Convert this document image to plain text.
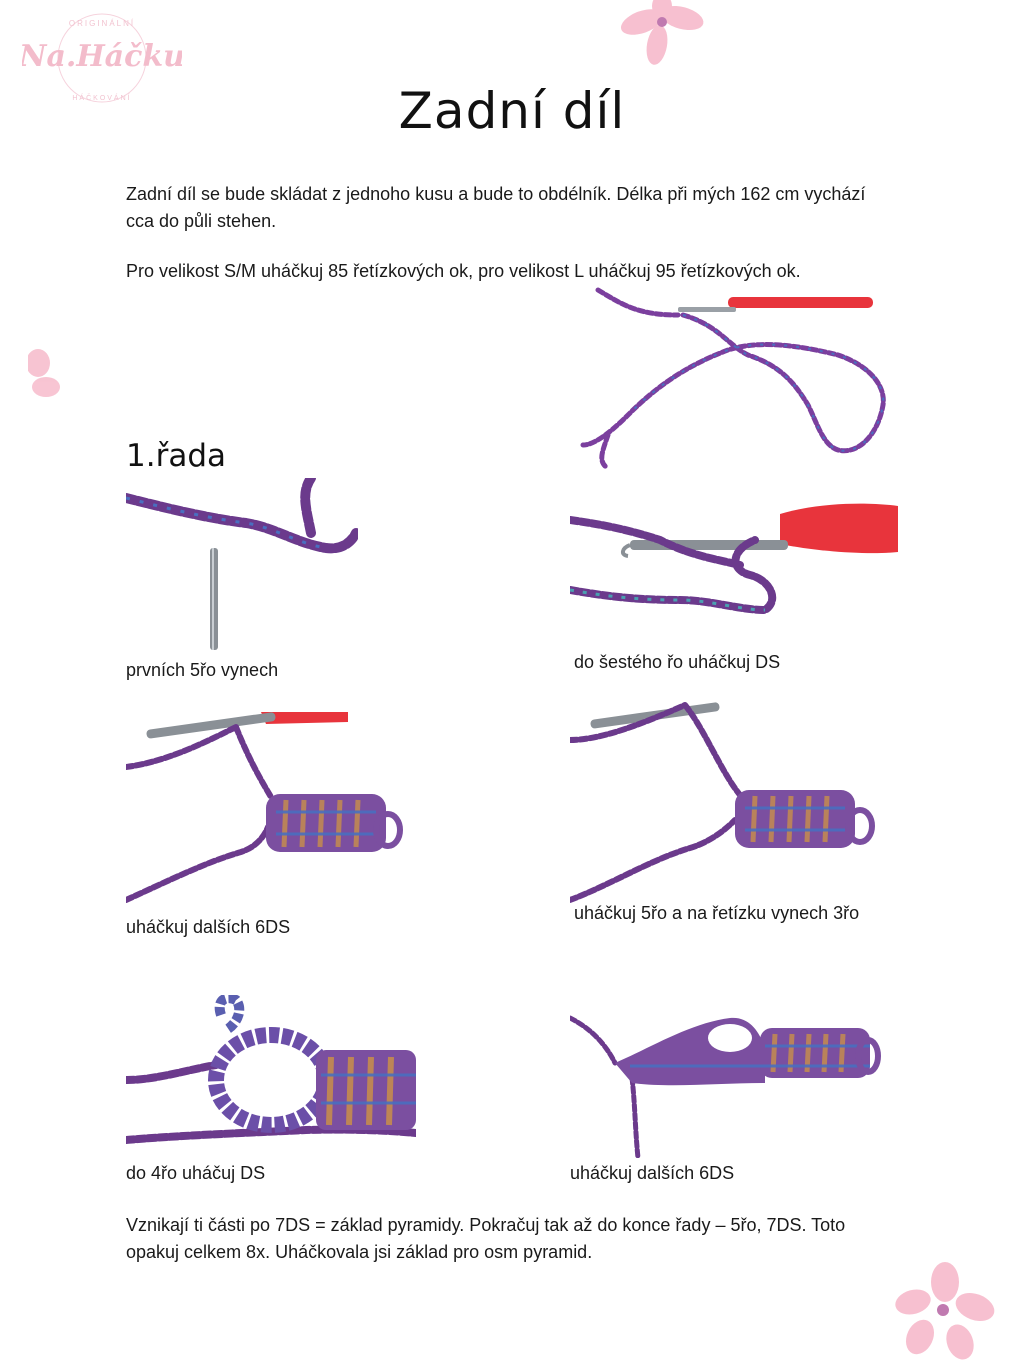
ORIGINÁLNÍ
Na.Háčku
HÁČKOVÁNÍ	Zadní díl
Zadní díl se bude skládat z jednoho kusu a bude to obdélník. Délka při mých 162 cm vychází cca do půli stehen.
Pro velikost S/M uháčkuj 85 řetízkových ok, pro velikost L uháčkuj 95 řetízkových ok.
1.řada
prvních 5řo vynech	do šestého řo uháčkuj DS
uháčkuj dalších 6DS
uháčkuj 5řo a na řetízku vynech 3řo
do 4řo uháčuj DS	uháčkuj dalších 6DS
Vznikají ti části po 7DS = základ pyramidy. Pokračuj tak až do konce řady – 5řo, 7DS. Toto opakuj celkem 8x. Uháčkovala jsi základ pro osm pyramid.
